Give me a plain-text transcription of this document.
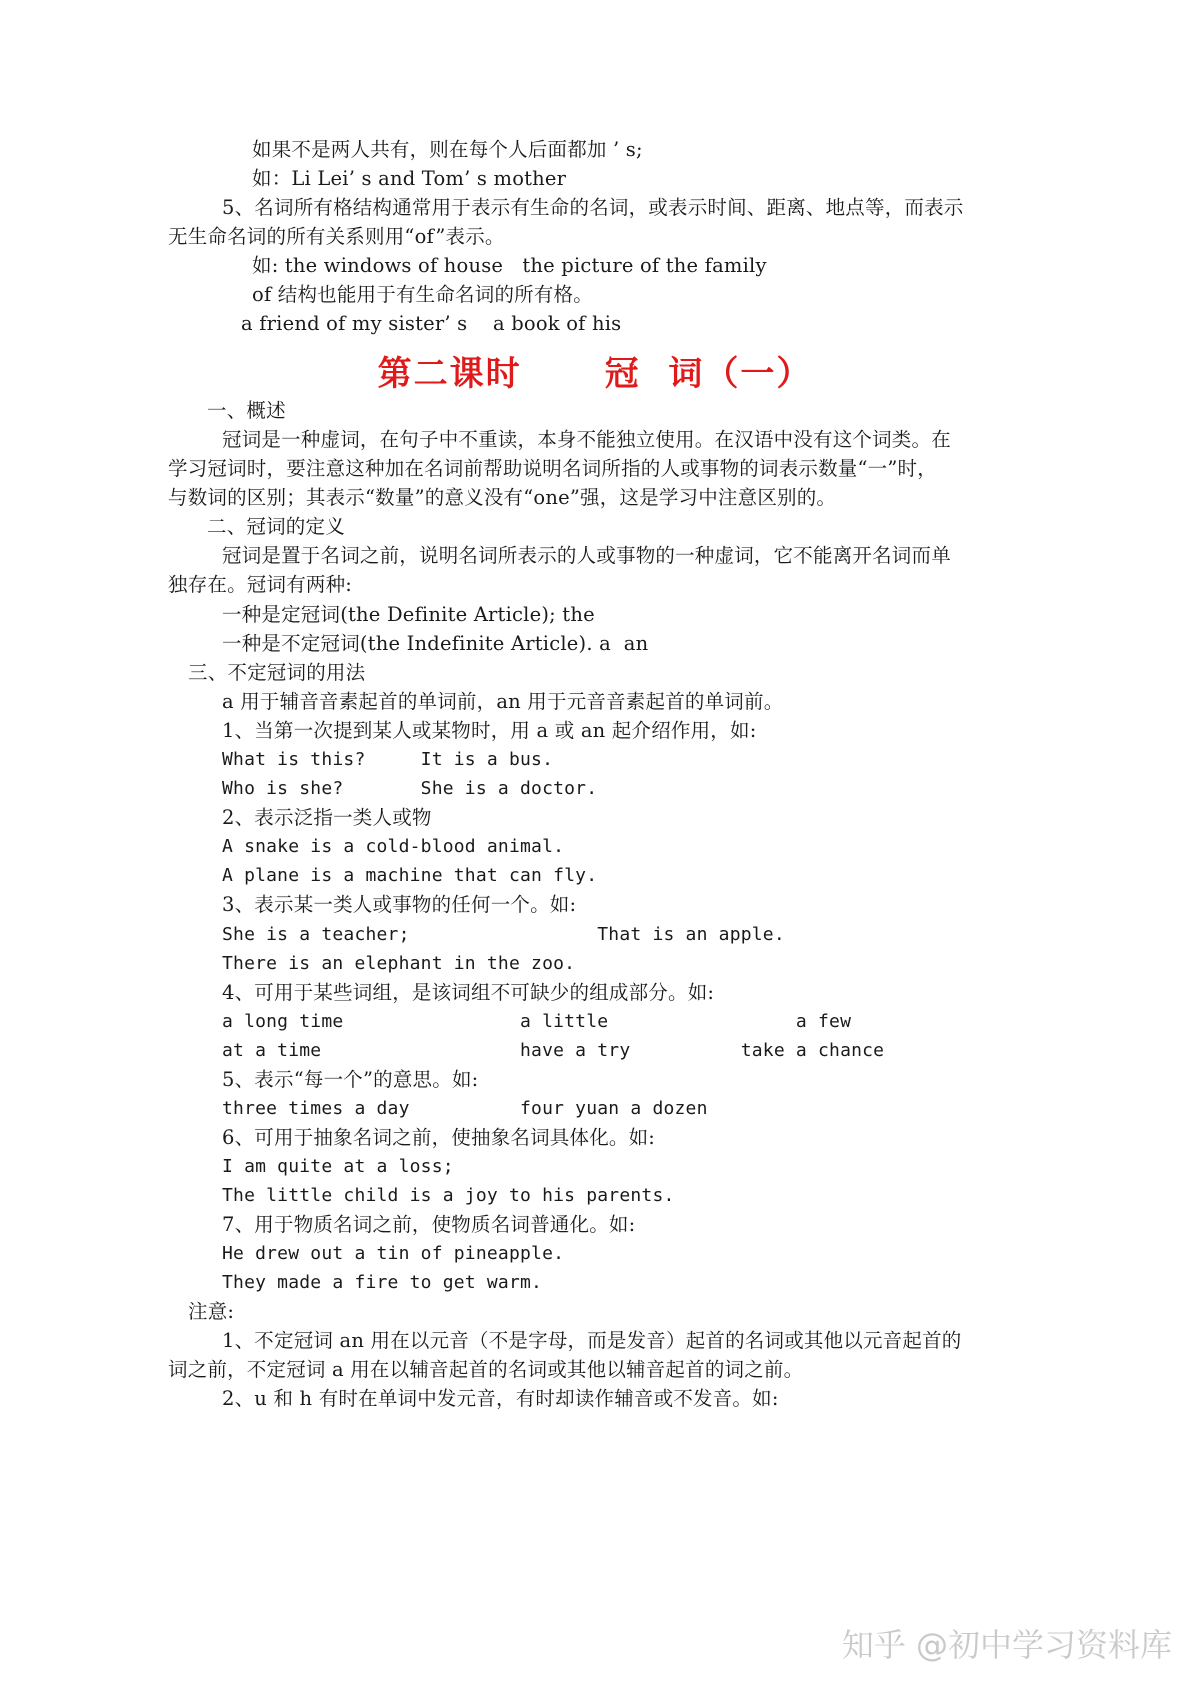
如果不是两人共有，则在每个人后面都加 ’ s;
如：Li Lei’ s and Tom’ s mother
5、名词所有格结构通常用于表示有生命的名词，或表示时间、距离、地点等，而表示
无生命名词的所有关系则用“of”表示。
如: the windows of house   the picture of the family
of 结构也能用于有生命名词的所有格。
a friend of my sister’ s    a book of his
第二课时      冠  词（一）
一、概述
冠词是一种虚词，在句子中不重读，本身不能独立使用。在汉语中没有这个词类。在
学习冠词时，要注意这种加在名词前帮助说明名词所指的人或事物的词表示数量“一”时，
与数词的区别；其表示“数量”的意义没有“one”强，这是学习中注意区别的。
二、冠词的定义
冠词是置于名词之前，说明名词所表示的人或事物的一种虚词，它不能离开名词而单
独存在。冠词有两种:
一种是定冠词(the Definite Article); the
一种是不定冠词(the Indefinite Article). a  an
三、不定冠词的用法
a 用于辅音音素起首的单词前，an 用于元音音素起首的单词前。
1、当第一次提到某人或某物时，用 a 或 an 起介绍作用，如:
What is this?     It is a bus.
Who is she?       She is a doctor.
2、表示泛指一类人或物
A snake is a cold-blood animal.
A plane is a machine that can fly.
3、表示某一类人或事物的任何一个。如:
She is a teacher;                 That is an apple.
There is an elephant in the zoo.
4、可用于某些词组，是该词组不可缺少的组成部分。如:
a long time                a little                 a few
at a time                  have a try          take a chance
5、表示“每一个”的意思。如:
three times a day          four yuan a dozen
6、可用于抽象名词之前，使抽象名词具体化。如:
I am quite at a loss;
The little child is a joy to his parents.
7、用于物质名词之前，使物质名词普通化。如:
He drew out a tin of pineapple.
They made a fire to get warm.
注意:
1、不定冠词 an 用在以元音（不是字母，而是发音）起首的名词或其他以元音起首的
词之前，不定冠词 a 用在以辅音起首的名词或其他以辅音起首的词之前。
2、u 和 h 有时在单词中发元音，有时却读作辅音或不发音。如:
知乎 @初中学习资料库
